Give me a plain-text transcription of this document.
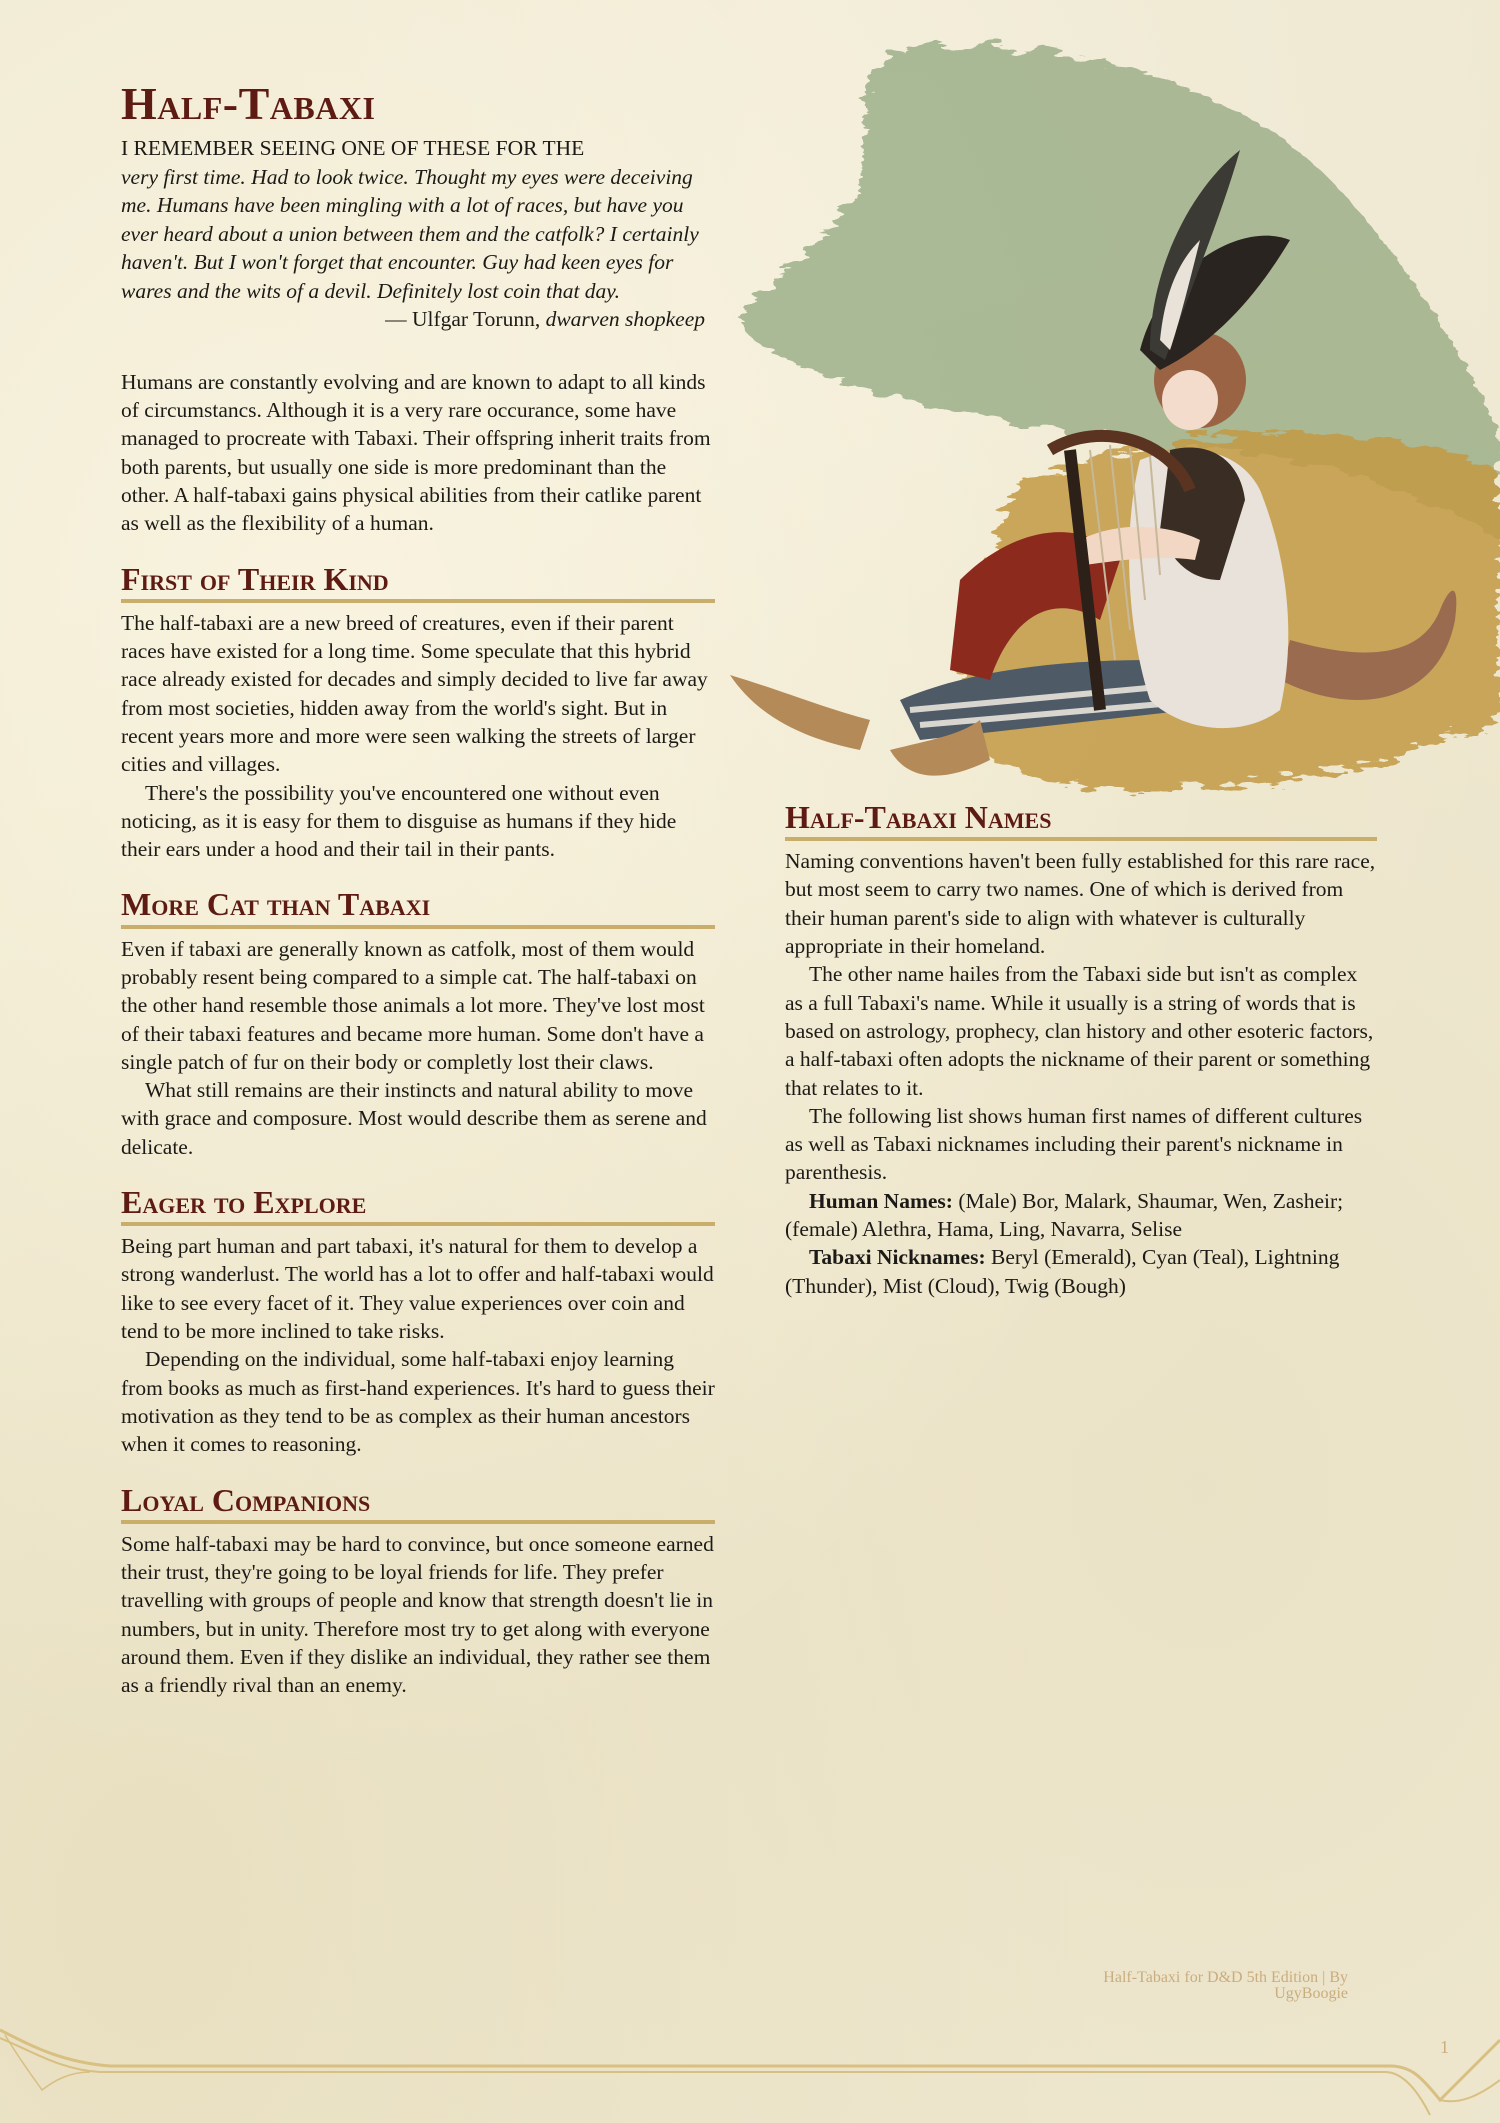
Half-Tabaxi
I REMEMBER SEEING ONE OF THESE FOR THE
very first time. Had to look twice. Thought my eyes were deceiving me. Humans have been mingling with a lot of races, but have you ever heard about a union between them and the catfolk? I certainly haven't. But I won't forget that encounter. Guy had keen eyes for wares and the wits of a devil. Definitely lost coin that day.
— Ulfgar Torunn, dwarven shopkeep

Humans are constantly evolving and are known to adapt to all kinds of circumstancs. Although it is a very rare occurance, some have managed to procreate with Tabaxi. Their offspring inherit traits from both parents, but usually one side is more predominant than the other. A half-tabaxi gains physical abilities from their catlike parent as well as the flexibility of a human.

First of Their Kind

The half-tabaxi are a new breed of creatures, even if their parent races have existed for a long time. Some speculate that this hybrid race already existed for decades and simply decided to live far away from most societies, hidden away from the world's sight. But in recent years more and more were seen walking the streets of larger cities and villages.

There's the possibility you've encountered one without even noticing, as it is easy for them to disguise as humans if they hide their ears under a hood and their tail in their pants.

More Cat than Tabaxi

Even if tabaxi are generally known as catfolk, most of them would probably resent being compared to a simple cat. The half-tabaxi on the other hand resemble those animals a lot more. They've lost most of their tabaxi features and became more human. Some don't have a single patch of fur on their body or completly lost their claws.

What still remains are their instincts and natural ability to move with grace and composure. Most would describe them as serene and delicate.

Eager to Explore

Being part human and part tabaxi, it's natural for them to develop a strong wanderlust. The world has a lot to offer and half-tabaxi would like to see every facet of it. They value experiences over coin and tend to be more inclined to take risks.

Depending on the individual, some half-tabaxi enjoy learning from books as much as first-hand experiences. It's hard to guess their motivation as they tend to be as complex as their human ancestors when it comes to reasoning.

Loyal Companions

Some half-tabaxi may be hard to convince, but once someone earned their trust, they're going to be loyal friends for life. They prefer travelling with groups of people and know that strength doesn't lie in numbers, but in unity. Therefore most try to get along with everyone around them. Even if they dislike an individual, they rather see them as a friendly rival than an enemy.

Half-Tabaxi Names

Naming conventions haven't been fully established for this rare race, but most seem to carry two names. One of which is derived from their human parent's side to align with whatever is culturally appropriate in their homeland.

The other name hailes from the Tabaxi side but isn't as complex as a full Tabaxi's name. While it usually is a string of words that is based on astrology, prophecy, clan history and other esoteric factors, a half-tabaxi often adopts the nickname of their parent or something that relates to it.

The following list shows human first names of different cultures as well as Tabaxi nicknames including their parent's nickname in parenthesis.

Human Names: (Male) Bor, Malark, Shaumar, Wen, Zasheir; (female) Alethra, Hama, Ling, Navarra, Selise

Tabaxi Nicknames: Beryl (Emerald), Cyan (Teal), Lightning (Thunder), Mist (Cloud), Twig (Bough)

Half-Tabaxi for D&D 5th Edition | By
UgyBoogie
1
